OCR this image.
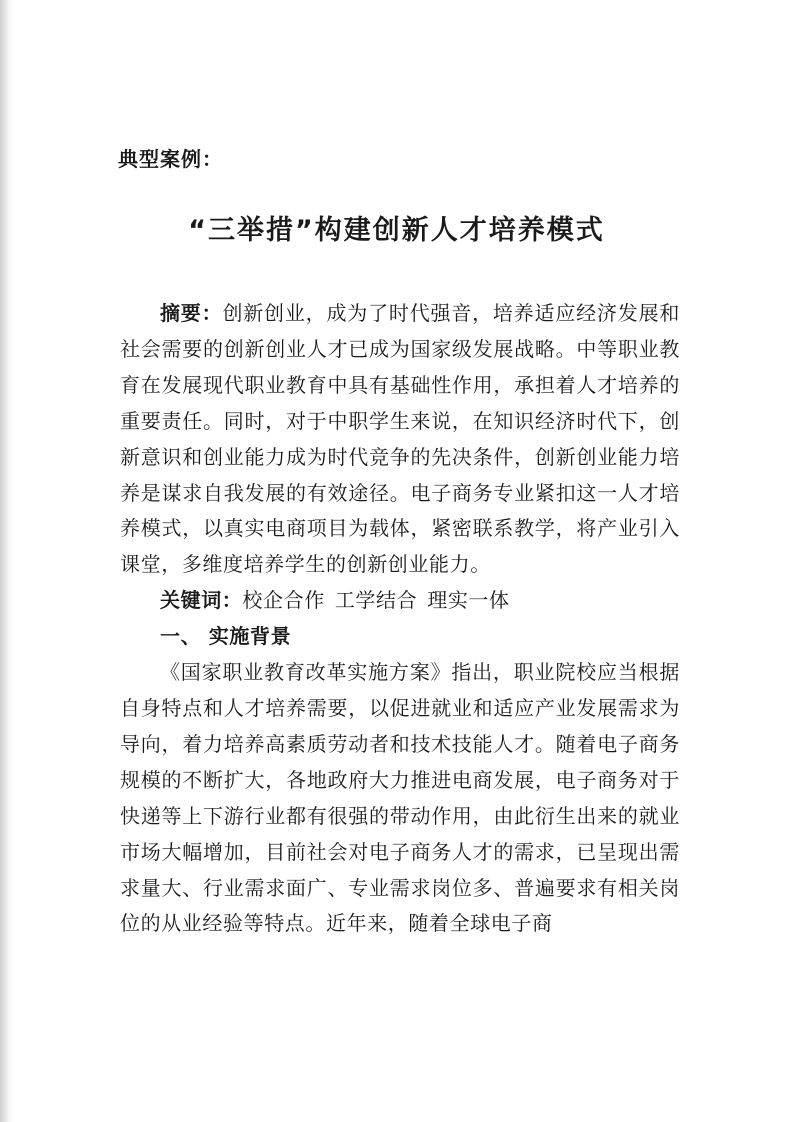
典型案例：
“三举措”构建创新人才培养模式

摘要：创新创业，成为了时代强音，培养适应经济发展和社会需要的创新创业人才已成为国家级发展战略。中等职业教育在发展现代职业教育中具有基础性作用，承担着人才培养的重要责任。同时，对于中职学生来说，在知识经济时代下，创新意识和创业能力成为时代竞争的先决条件，创新创业能力培养是谋求自我发展的有效途径。电子商务专业紧扣这一人才培养模式，以真实电商项目为载体，紧密联系教学，将产业引入课堂，多维度培养学生的创新创业能力。

关键词：校企合作 工学结合 理实一体

一、 实施背景

《国家职业教育改革实施方案》指出，职业院校应当根据自身特点和人才培养需要，以促进就业和适应产业发展需求为导向，着力培养高素质劳动者和技术技能人才。随着电子商务规模的不断扩大，各地政府大力推进电商发展，电子商务对于快递等上下游行业都有很强的带动作用，由此衍生出来的就业市场大幅增加，目前社会对电子商务人才的需求，已呈现出需求量大、行业需求面广、专业需求岗位多、普遍要求有相关岗位的从业经验等特点。近年来，随着全球电子商
